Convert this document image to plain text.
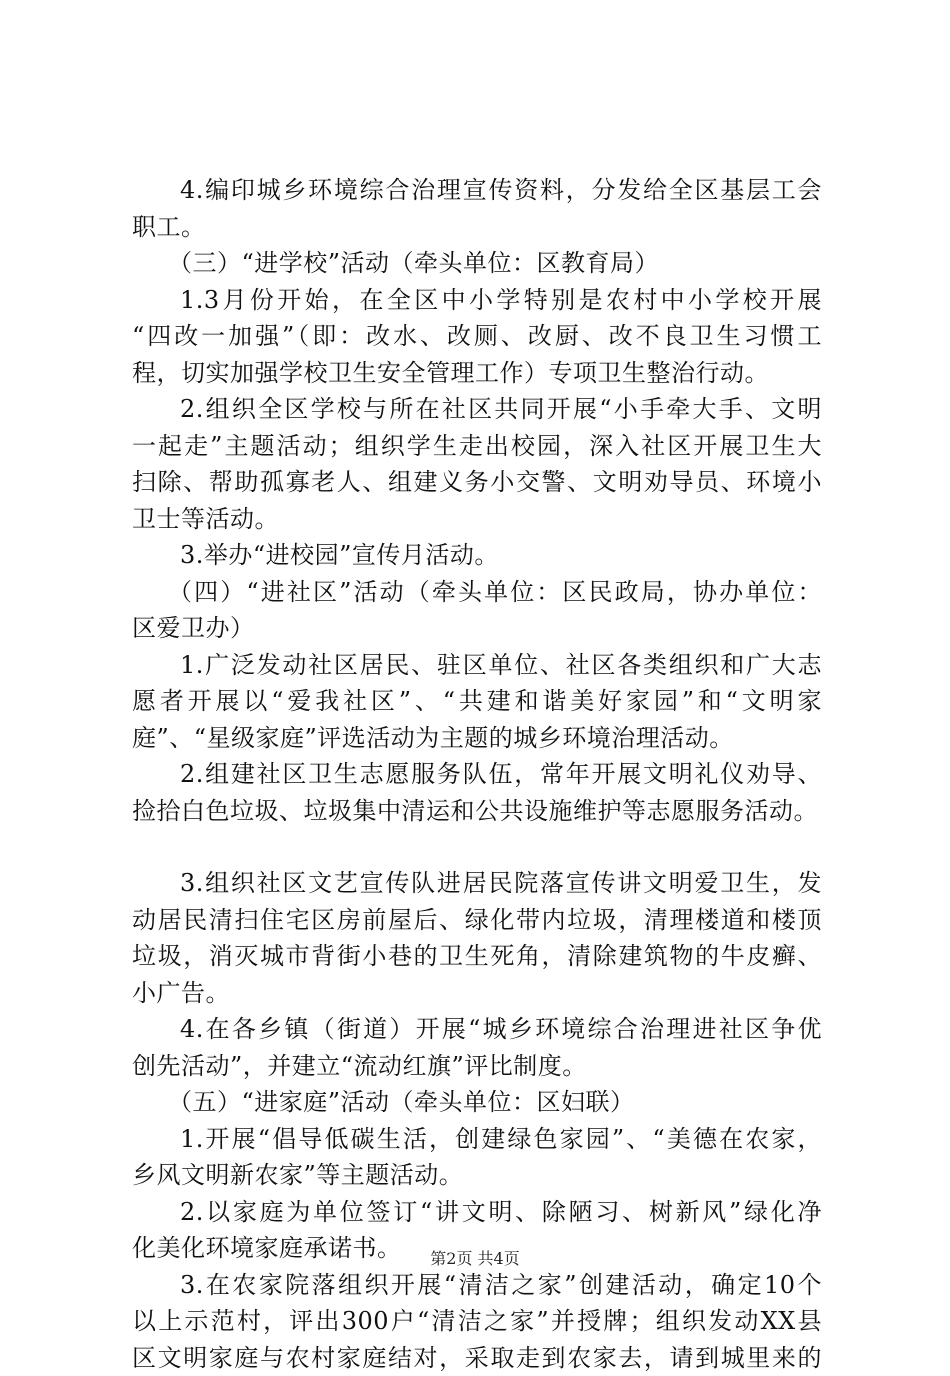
4.编印城乡环境综合治理宣传资料，分发给全区基层工会
职工。
（三）“进学校”活动（牵头单位：区教育局）
1.3月份开始，在全区中小学特别是农村中小学校开展
“四改一加强”（即：改水、改厕、改厨、改不良卫生习惯工
程，切实加强学校卫生安全管理工作）专项卫生整治行动。
2.组织全区学校与所在社区共同开展“小手牵大手、文明
一起走”主题活动；组织学生走出校园，深入社区开展卫生大
扫除、帮助孤寡老人、组建义务小交警、文明劝导员、环境小
卫士等活动。
3.举办“进校园”宣传月活动。
（四）“进社区”活动（牵头单位：区民政局，协办单位：
区爱卫办）
1.广泛发动社区居民、驻区单位、社区各类组织和广大志
愿者开展以“爱我社区”、“共建和谐美好家园”和“文明家
庭”、“星级家庭”评选活动为主题的城乡环境治理活动。
2.组建社区卫生志愿服务队伍，常年开展文明礼仪劝导、
捡拾白色垃圾、垃圾集中清运和公共设施维护等志愿服务活动。
3.组织社区文艺宣传队进居民院落宣传讲文明爱卫生，发
动居民清扫住宅区房前屋后、绿化带内垃圾，清理楼道和楼顶
垃圾，消灭城市背街小巷的卫生死角，清除建筑物的牛皮癣、
小广告。
4.在各乡镇（街道）开展“城乡环境综合治理进社区争优
创先活动”，并建立“流动红旗”评比制度。
（五）“进家庭”活动（牵头单位：区妇联）
1.开展“倡导低碳生活，创建绿色家园”、“美德在农家，
乡风文明新农家”等主题活动。
2.以家庭为单位签订“讲文明、除陋习、树新风”绿化净
化美化环境家庭承诺书。
3.在农家院落组织开展“清洁之家”创建活动，确定10个
以上示范村，评出300户“清洁之家”并授牌；组织发动XX县
区文明家庭与农村家庭结对，采取走到农家去，请到城里来的
第2页 共4页
